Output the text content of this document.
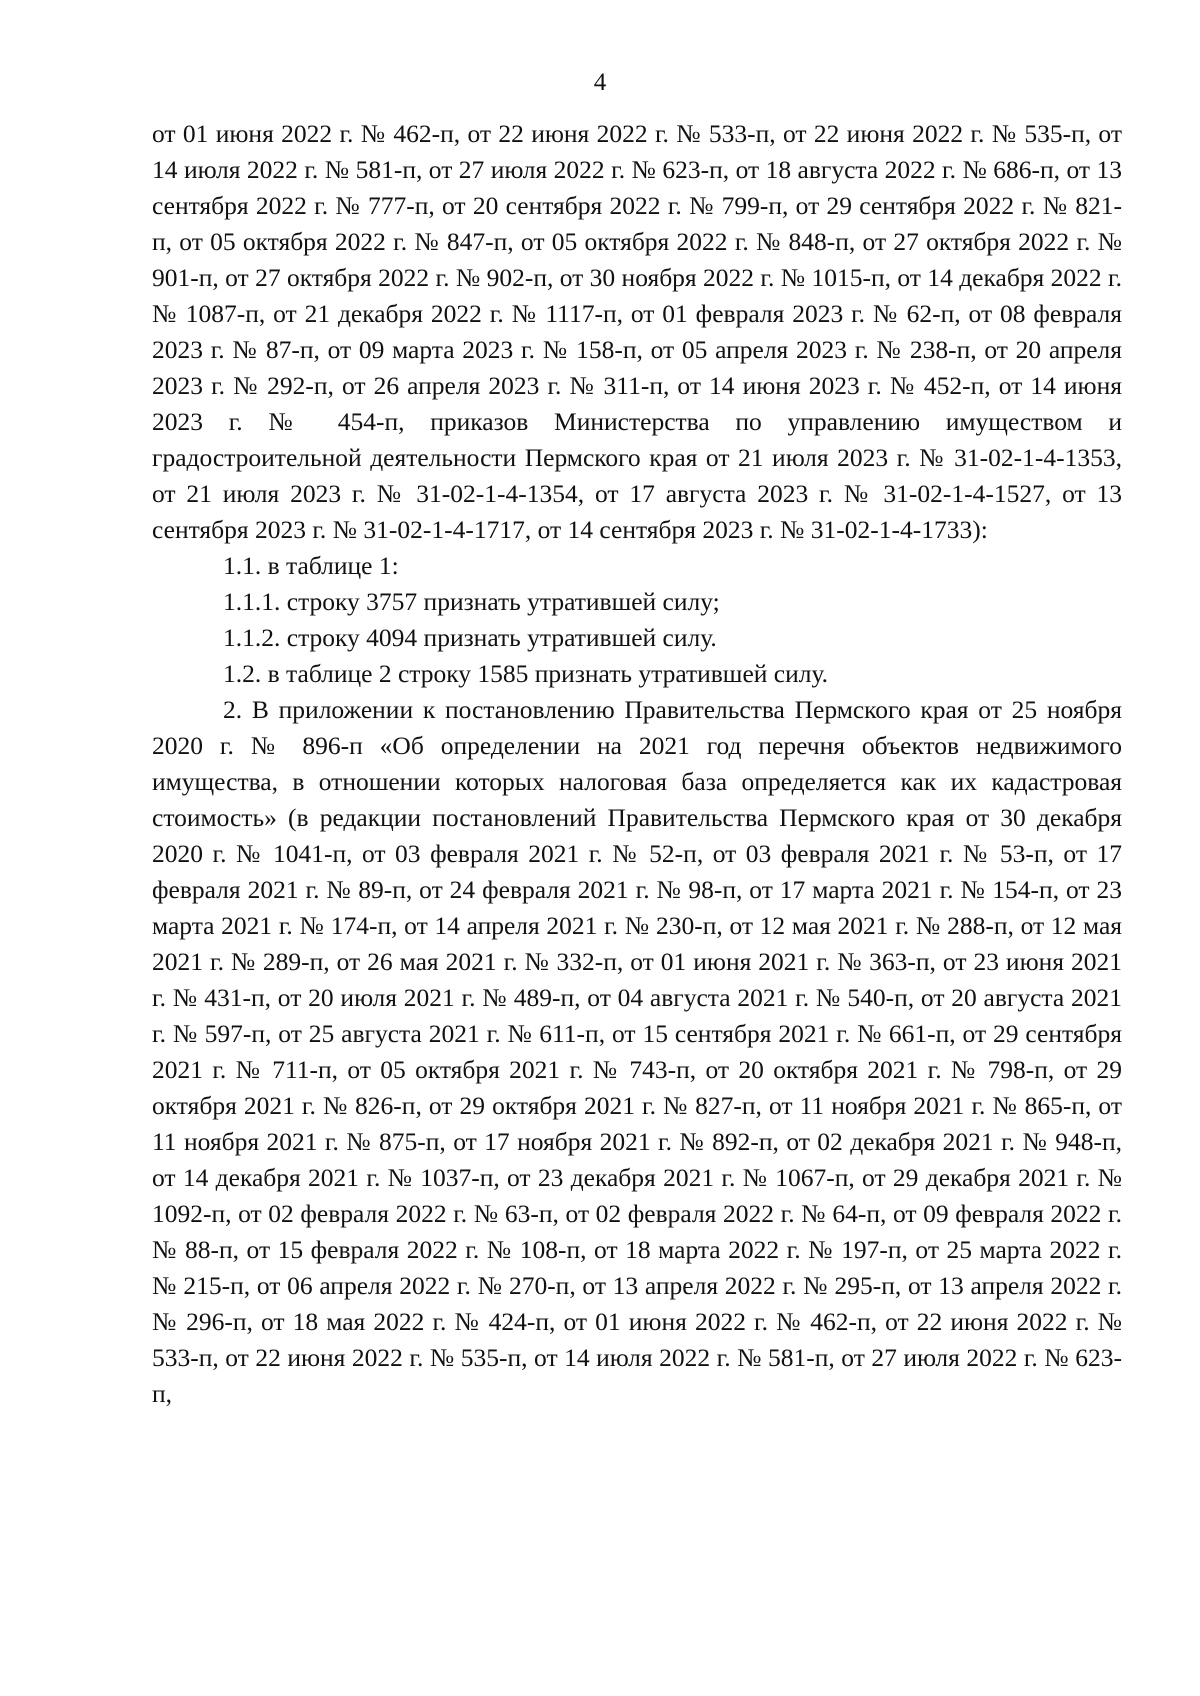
4

от 01 июня 2022 г. № 462-п, от 22 июня 2022 г. № 533-п, от 22 июня 2022 г. № 535-п, от 14 июля 2022 г. № 581-п, от 27 июля 2022 г. № 623-п, от 18 августа 2022 г. № 686-п, от 13 сентября 2022 г. № 777-п, от 20 сентября 2022 г. № 799-п, от 29 сентября 2022 г. № 821-п, от 05 октября 2022 г. № 847-п, от 05 октября 2022 г. № 848-п, от 27 октября 2022 г. № 901-п, от 27 октября 2022 г. № 902-п, от 30 ноября 2022 г. № 1015-п, от 14 декабря 2022 г. № 1087-п, от 21 декабря 2022 г. № 1117-п, от 01 февраля 2023 г. № 62-п, от 08 февраля 2023 г. № 87-п, от 09 марта 2023 г. № 158-п, от 05 апреля 2023 г. № 238-п, от 20 апреля 2023 г. № 292-п, от 26 апреля 2023 г. № 311-п, от 14 июня 2023 г. № 452-п, от 14 июня 2023 г. № 454-п, приказов Министерства по управлению имуществом и градостроительной деятельности Пермского края от 21 июля 2023 г. № 31-02-1-4-1353, от 21 июля 2023 г. № 31-02-1-4-1354, от 17 августа 2023 г. № 31-02-1-4-1527, от 13 сентября 2023 г. № 31-02-1-4-1717, от 14 сентября 2023 г. № 31-02-1-4-1733):

1.1. в таблице 1:

1.1.1. строку 3757 признать утратившей силу;

1.1.2. строку 4094 признать утратившей силу.

1.2. в таблице 2 строку 1585 признать утратившей силу.

2. В приложении к постановлению Правительства Пермского края от 25 ноября 2020 г. № 896-п «Об определении на 2021 год перечня объектов недвижимого имущества, в отношении которых налоговая база определяется как их кадастровая стоимость» (в редакции постановлений Правительства Пермского края от 30 декабря 2020 г. № 1041-п, от 03 февраля 2021 г. № 52-п, от 03 февраля 2021 г. № 53-п, от 17 февраля 2021 г. № 89-п, от 24 февраля 2021 г. № 98-п, от 17 марта 2021 г. № 154-п, от 23 марта 2021 г. № 174-п, от 14 апреля 2021 г. № 230-п, от 12 мая 2021 г. № 288-п, от 12 мая 2021 г. № 289-п, от 26 мая 2021 г. № 332-п, от 01 июня 2021 г. № 363-п, от 23 июня 2021 г. № 431-п, от 20 июля 2021 г. № 489-п, от 04 августа 2021 г. № 540-п, от 20 августа 2021 г. № 597-п, от 25 августа 2021 г. № 611-п, от 15 сентября 2021 г. № 661-п, от 29 сентября 2021 г. № 711-п, от 05 октября 2021 г. № 743-п, от 20 октября 2021 г. № 798-п, от 29 октября 2021 г. № 826-п, от 29 октября 2021 г. № 827-п, от 11 ноября 2021 г. № 865-п, от 11 ноября 2021 г. № 875-п, от 17 ноября 2021 г. № 892-п, от 02 декабря 2021 г. № 948-п, от 14 декабря 2021 г. № 1037-п, от 23 декабря 2021 г. № 1067-п, от 29 декабря 2021 г. № 1092-п, от 02 февраля 2022 г. № 63-п, от 02 февраля 2022 г. № 64-п, от 09 февраля 2022 г. № 88-п, от 15 февраля 2022 г. № 108-п, от 18 марта 2022 г. № 197-п, от 25 марта 2022 г. № 215-п, от 06 апреля 2022 г. № 270-п, от 13 апреля 2022 г. № 295-п, от 13 апреля 2022 г. № 296-п, от 18 мая 2022 г. № 424-п, от 01 июня 2022 г. № 462-п, от 22 июня 2022 г. № 533-п, от 22 июня 2022 г. № 535-п, от 14 июля 2022 г. № 581-п, от 27 июля 2022 г. № 623-п,
